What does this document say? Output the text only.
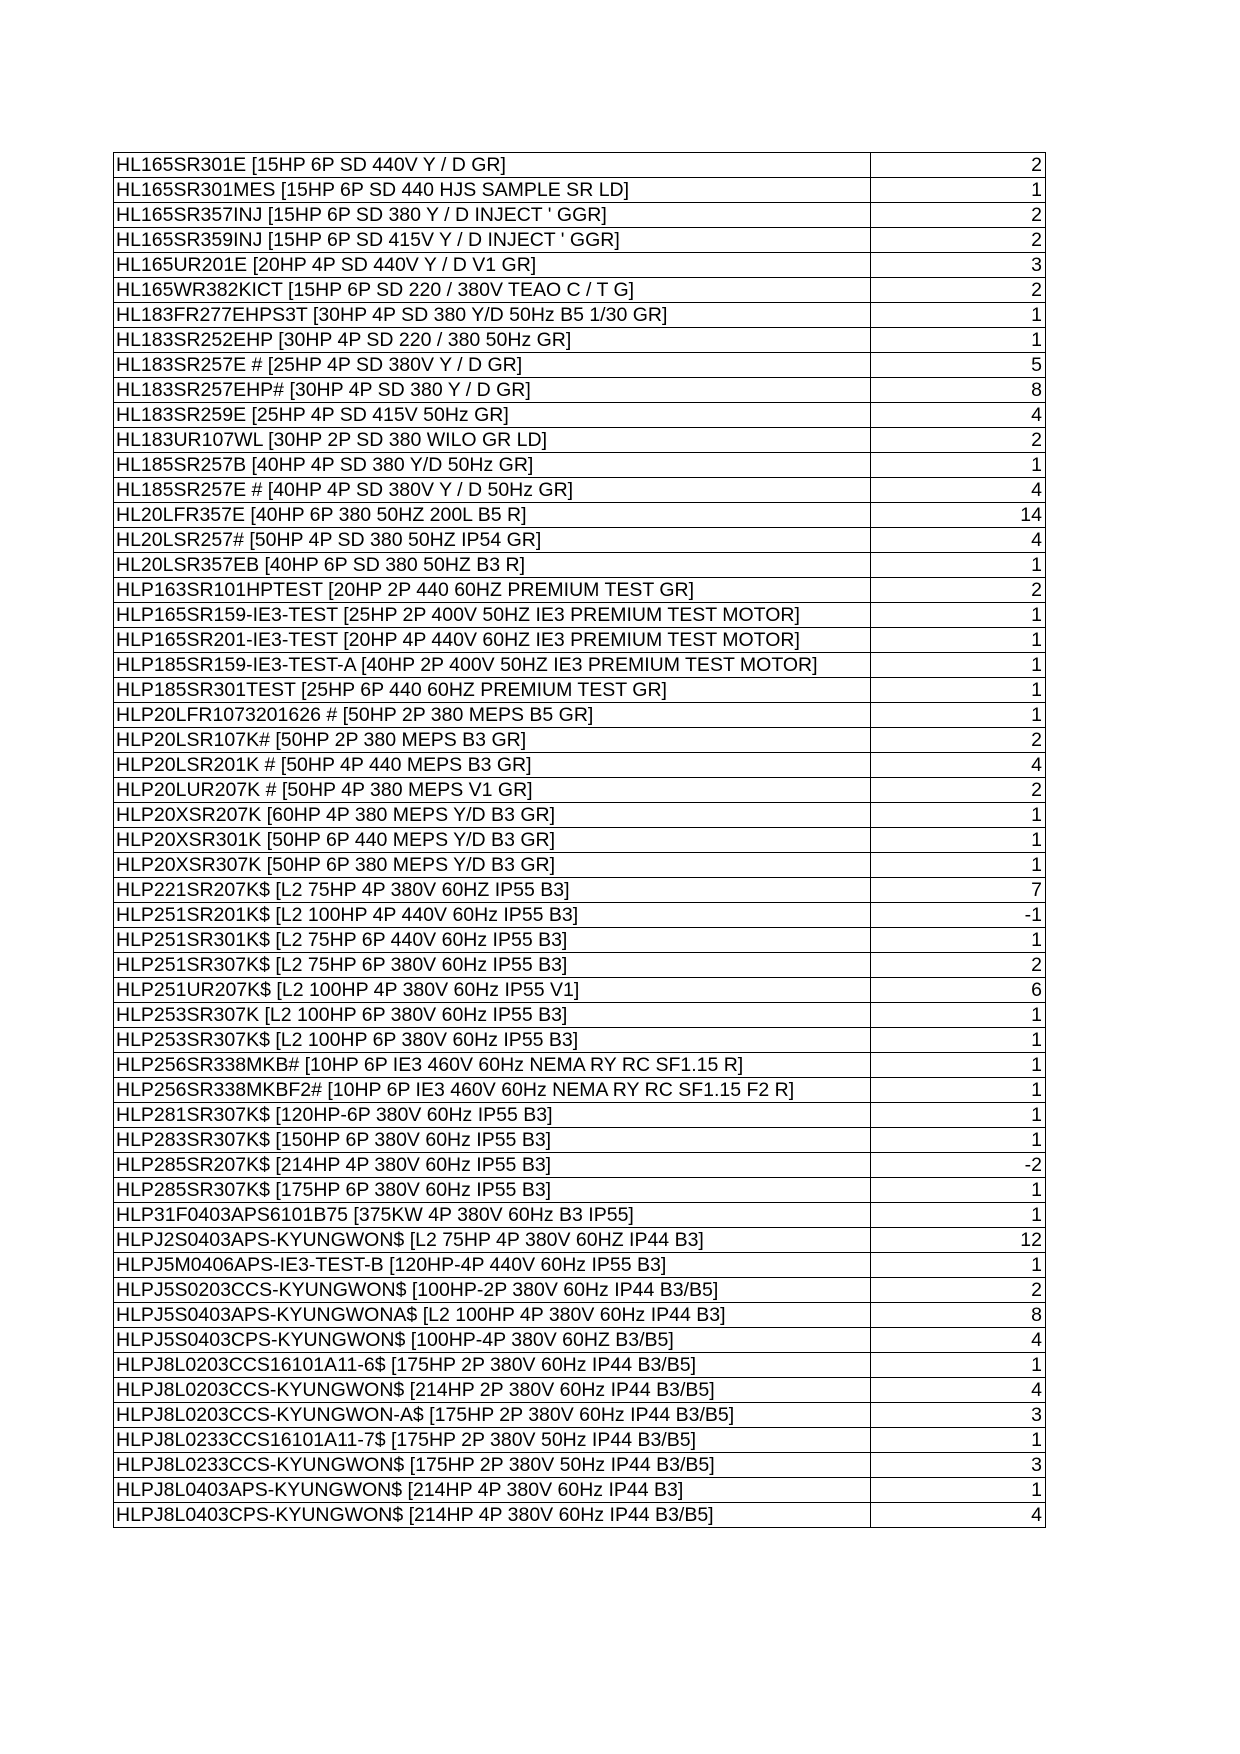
HL165SR301E [15HP 6P SD 440V Y / D GR]	2
HL165SR301MES [15HP 6P SD 440 HJS SAMPLE SR LD]	1
HL165SR357INJ [15HP 6P SD 380 Y / D INJECT ' GGR]	2
HL165SR359INJ [15HP 6P SD 415V Y / D INJECT ' GGR]	2
HL165UR201E [20HP 4P SD 440V Y / D V1 GR]	3
HL165WR382KICT [15HP 6P SD 220 / 380V TEAO C / T G]	2
HL183FR277EHPS3T [30HP 4P SD 380 Y/D 50Hz B5 1/30 GR]	1
HL183SR252EHP [30HP 4P SD 220 / 380 50Hz GR]	1
HL183SR257E # [25HP 4P SD 380V Y / D GR]	5
HL183SR257EHP# [30HP 4P SD 380 Y / D GR]	8
HL183SR259E [25HP 4P SD 415V 50Hz GR]	4
HL183UR107WL [30HP 2P SD 380 WILO GR LD]	2
HL185SR257B [40HP 4P SD 380 Y/D 50Hz GR]	1
HL185SR257E # [40HP 4P SD 380V Y / D 50Hz GR]	4
HL20LFR357E [40HP 6P 380 50HZ 200L B5 R]	14
HL20LSR257# [50HP 4P SD 380 50HZ IP54 GR]	4
HL20LSR357EB [40HP 6P SD 380 50HZ B3 R]	1
HLP163SR101HPTEST [20HP 2P 440 60HZ PREMIUM TEST GR]	2
HLP165SR159-IE3-TEST [25HP 2P 400V 50HZ IE3 PREMIUM TEST MOTOR]	1
HLP165SR201-IE3-TEST [20HP 4P 440V 60HZ IE3 PREMIUM TEST MOTOR]	1
HLP185SR159-IE3-TEST-A [40HP 2P 400V 50HZ IE3 PREMIUM TEST MOTOR]	1
HLP185SR301TEST [25HP 6P 440 60HZ PREMIUM TEST GR]	1
HLP20LFR1073201626 # [50HP 2P 380 MEPS B5 GR]	1
HLP20LSR107K# [50HP 2P 380 MEPS B3 GR]	2
HLP20LSR201K # [50HP 4P 440 MEPS B3 GR]	4
HLP20LUR207K # [50HP 4P 380 MEPS V1 GR]	2
HLP20XSR207K [60HP 4P 380 MEPS Y/D B3 GR]	1
HLP20XSR301K [50HP 6P 440 MEPS Y/D B3 GR]	1
HLP20XSR307K [50HP 6P 380 MEPS Y/D B3 GR]	1
HLP221SR207K$ [L2 75HP 4P 380V 60HZ IP55 B3]	7
HLP251SR201K$ [L2 100HP 4P 440V 60Hz IP55 B3]	-1
HLP251SR301K$ [L2 75HP 6P 440V 60Hz IP55 B3]	1
HLP251SR307K$ [L2 75HP 6P 380V 60Hz IP55 B3]	2
HLP251UR207K$ [L2 100HP 4P 380V 60Hz IP55 V1]	6
HLP253SR307K [L2 100HP 6P 380V 60Hz IP55 B3]	1
HLP253SR307K$ [L2 100HP 6P 380V 60Hz IP55 B3]	1
HLP256SR338MKB# [10HP 6P IE3 460V 60Hz NEMA RY RC SF1.15 R]	1
HLP256SR338MKBF2# [10HP 6P IE3 460V 60Hz NEMA RY RC SF1.15 F2 R]	1
HLP281SR307K$ [120HP-6P 380V 60Hz IP55 B3]	1
HLP283SR307K$ [150HP 6P 380V 60Hz IP55 B3]	1
HLP285SR207K$ [214HP 4P 380V 60Hz IP55 B3]	-2
HLP285SR307K$ [175HP 6P 380V 60Hz IP55 B3]	1
HLP31F0403APS6101B75 [375KW 4P 380V 60Hz B3 IP55]	1
HLPJ2S0403APS-KYUNGWON$ [L2 75HP 4P 380V 60HZ IP44 B3]	12
HLPJ5M0406APS-IE3-TEST-B [120HP-4P 440V 60Hz IP55 B3]	1
HLPJ5S0203CCS-KYUNGWON$ [100HP-2P 380V 60Hz IP44 B3/B5]	2
HLPJ5S0403APS-KYUNGWONA$ [L2 100HP 4P 380V 60Hz IP44 B3]	8
HLPJ5S0403CPS-KYUNGWON$ [100HP-4P 380V 60HZ B3/B5]	4
HLPJ8L0203CCS16101A11-6$ [175HP 2P 380V 60Hz IP44 B3/B5]	1
HLPJ8L0203CCS-KYUNGWON$ [214HP 2P 380V 60Hz IP44 B3/B5]	4
HLPJ8L0203CCS-KYUNGWON-A$ [175HP 2P 380V 60Hz IP44 B3/B5]	3
HLPJ8L0233CCS16101A11-7$ [175HP 2P 380V 50Hz IP44 B3/B5]	1
HLPJ8L0233CCS-KYUNGWON$ [175HP 2P 380V 50Hz IP44 B3/B5]	3
HLPJ8L0403APS-KYUNGWON$ [214HP 4P 380V 60Hz IP44 B3]	1
HLPJ8L0403CPS-KYUNGWON$ [214HP 4P 380V 60Hz IP44 B3/B5]	4
